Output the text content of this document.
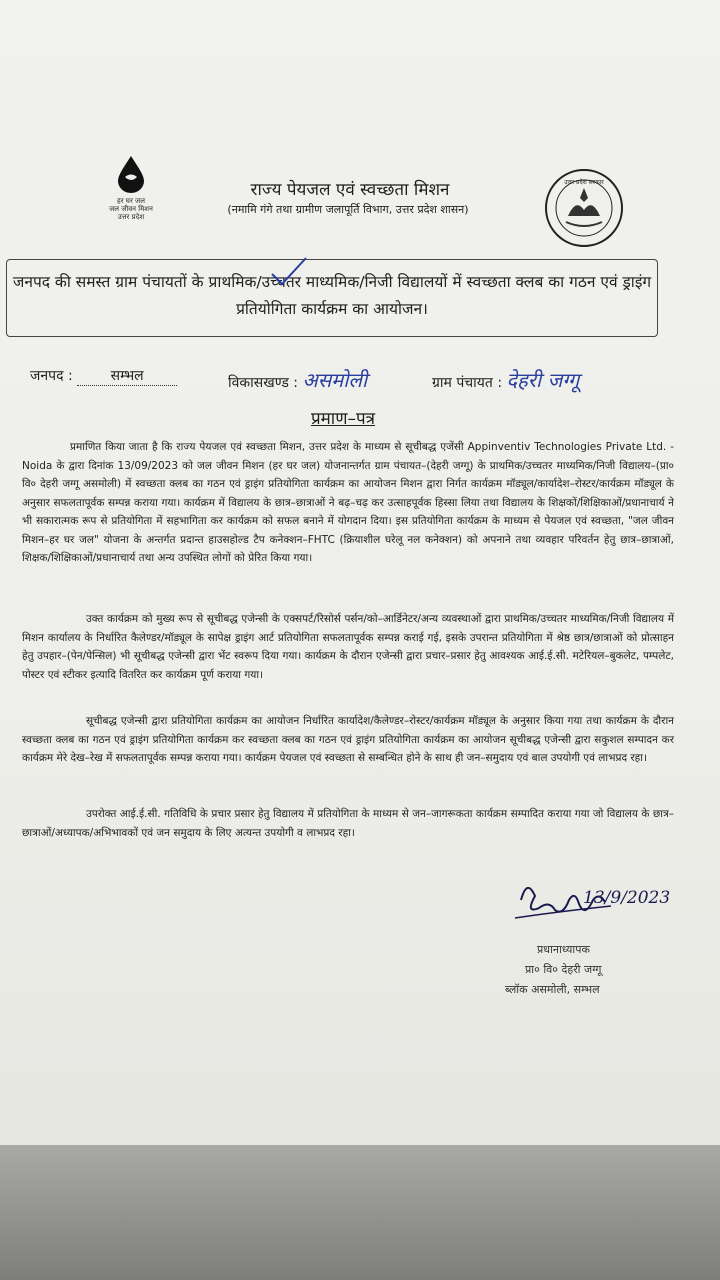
हर घर जल
जल जीवन मिशन
उत्तर प्रदेश
राज्य पेयजल एवं स्वच्छता मिशन
(नमामि गंगे तथा ग्रामीण जलापूर्ति विभाग, उत्तर प्रदेश शासन)
उत्तर प्रदेश सरकार
जनपद की समस्त ग्राम पंचायतों के प्राथमिक/उच्चतर माध्यमिक/निजी विद्यालयों में स्वच्छता क्लब का गठन एवं ड्राइंग प्रतियोगिता कार्यक्रम का आयोजन।
जनपद :	सम्भल	विकासखण्ड : असमोली	ग्राम पंचायत : देहरी जग्गू
प्रमाण–पत्र
प्रमाणित किया जाता है कि राज्य पेयजल एवं स्वच्छता मिशन, उत्तर प्रदेश के माध्यम से सूचीबद्ध एजेंसी Appinventiv Technologies Private Ltd. - Noida के द्वारा दिनांक 13/09/2023 को जल जीवन मिशन (हर घर जल) योजनान्तर्गत ग्राम पंचायत–(देहरी जग्गू) के प्राथमिक/उच्चतर माध्यमिक/निजी विद्यालय–(प्रा० वि० देहरी जग्गू असमोली) में स्वच्छता क्लब का गठन एवं ड्राइंग प्रतियोगिता कार्यक्रम का आयोजन मिशन द्वारा निर्गत कार्यक्रम मॉड्यूल/कार्यादेश–रोस्टर/कार्यक्रम मॉड्यूल के अनुसार सफलतापूर्वक सम्पन्न कराया गया। कार्यक्रम में विद्यालय के छात्र–छात्राओं ने बढ़–चढ़ कर उत्साहपूर्वक हिस्सा लिया तथा विद्यालय के शिक्षकों/शिक्षिकाओं/प्रधानाचार्य ने भी सकारात्मक रूप से प्रतियोगिता में सहभागिता कर कार्यक्रम को सफल बनाने में योगदान दिया। इस प्रतियोगिता कार्यक्रम के माध्यम से पेयजल एवं स्वच्छता, "जल जीवन मिशन–हर घर जल" योजना के अन्तर्गत प्रदान्त हाउसहोल्ड टैप कनेक्शन–FHTC (क्रियाशील घरेलू नल कनेक्शन) को अपनाने तथा व्यवहार परिवर्तन हेतु छात्र–छात्राओं, शिक्षक/शिक्षिकाओं/प्रधानाचार्य तथा अन्य उपस्थित लोगों को प्रेरित किया गया।
उक्त कार्यक्रम को मुख्य रूप से सूचीबद्ध एजेन्सी के एक्सपर्ट/रिसोर्स पर्सन/को–आर्डिनेटर/अन्य व्यवस्थाओं द्वारा प्राथमिक/उच्चतर माध्यमिक/निजी विद्यालय में मिशन कार्यालय के निर्धारित कैलेण्डर/मॉड्यूल के सापेक्ष ड्राइंग आर्ट प्रतियोगिता सफलतापूर्वक सम्पन्न कराई गई, इसके उपरान्त प्रतियोगिता में श्रेष्ठ छात्र/छात्राओं को प्रोत्साहन हेतु उपहार–(पेन/पेन्सिल) भी सूचीबद्ध एजेन्सी द्वारा भेंट स्वरूप दिया गया। कार्यक्रम के दौरान एजेन्सी द्वारा प्रचार–प्रसार हेतु आवश्यक आई.ई.सी. मटेरियल–बुकलेट, पम्पलेट, पोस्टर एवं स्टीकर इत्यादि वितरित कर कार्यक्रम पूर्ण कराया गया।
सूचीबद्ध एजेन्सी द्वारा प्रतियोगिता कार्यक्रम का आयोजन निर्धारित कार्यादेश/कैलेण्डर–रोस्टर/कार्यक्रम मॉड्यूल के अनुसार किया गया तथा कार्यक्रम के दौरान स्वच्छता क्लब का गठन एवं ड्राइंग प्रतियोगिता कार्यक्रम कर स्वच्छता क्लब का गठन एवं ड्राइंग प्रतियोगिता कार्यक्रम का आयोजन सूचीबद्ध एजेन्सी द्वारा सकुशल सम्पादन कर कार्यक्रम मेरे देख–रेख में सफलतापूर्वक सम्पन्न कराया गया। कार्यक्रम पेयजल एवं स्वच्छता से सम्बन्धित होने के साथ ही जन–समुदाय एवं बाल उपयोगी एवं लाभप्रद रहा।
उपरोक्त आई.ई.सी. गतिविधि के प्रचार प्रसार हेतु विद्यालय में प्रतियोगिता के माध्यम से जन–जागरूकता कार्यक्रम सम्पादित कराया गया जो विद्यालय के छात्र–छात्राओं/अध्यापक/अभिभावकों एवं जन समुदाय के लिए अत्यन्त उपयोगी व लाभप्रद रहा।
13/9/2023
प्रधानाध्यापक
प्रा० वि० देहरी जग्गू
ब्लॉक असमोली, सम्भल
